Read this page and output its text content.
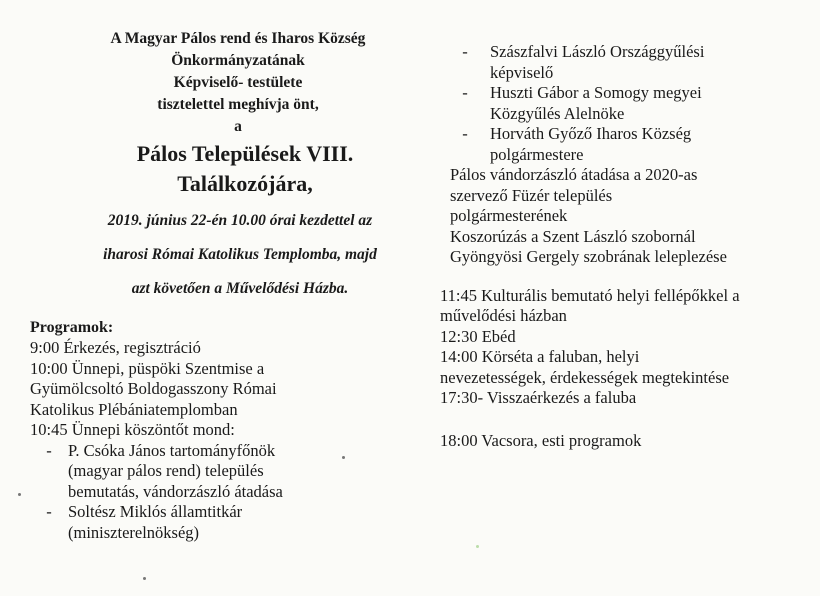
A Magyar Pálos rend és Iharos Község
Önkormányzatának
Képviselő- testülete
tisztelettel meghívja önt,
a
Pálos Települések VIII.
Találkozójára,
2019. június 22-én 10.00 órai kezdettel az
iharosi Római Katolikus Templomba, majd
azt követően a Művelődési Házba.
Programok:
9:00 Érkezés, regisztráció
10:00 Ünnepi, püspöki Szentmise a
Gyümölcsoltó Boldogasszony Római
Katolikus Plébániatemplomban
10:45 Ünnepi köszöntőt mond:
- P. Csóka János tartományfőnök
(magyar pálos rend) település
bemutatás, vándorzászló átadása
- Soltész Miklós államtitkár
(miniszterelnökség)
-	Szászfalvi László Országgyűlési
képviselő
-	Huszti Gábor a Somogy megyei
Közgyűlés Alelnöke
-	Horváth Győző Iharos Község
polgármestere
Pálos vándorzászló átadása a 2020-as
szervező Füzér település
polgármesterének
Koszorúzás a Szent László szobornál
Gyöngyösi Gergely szobrának leleplezése
11:45 Kulturális bemutató helyi fellépőkkel a
művelődési házban
12:30 Ebéd
14:00 Körséta a faluban, helyi
nevezetességek, érdekességek megtekintése
17:30- Visszaérkezés a faluba
18:00 Vacsora, esti programok
